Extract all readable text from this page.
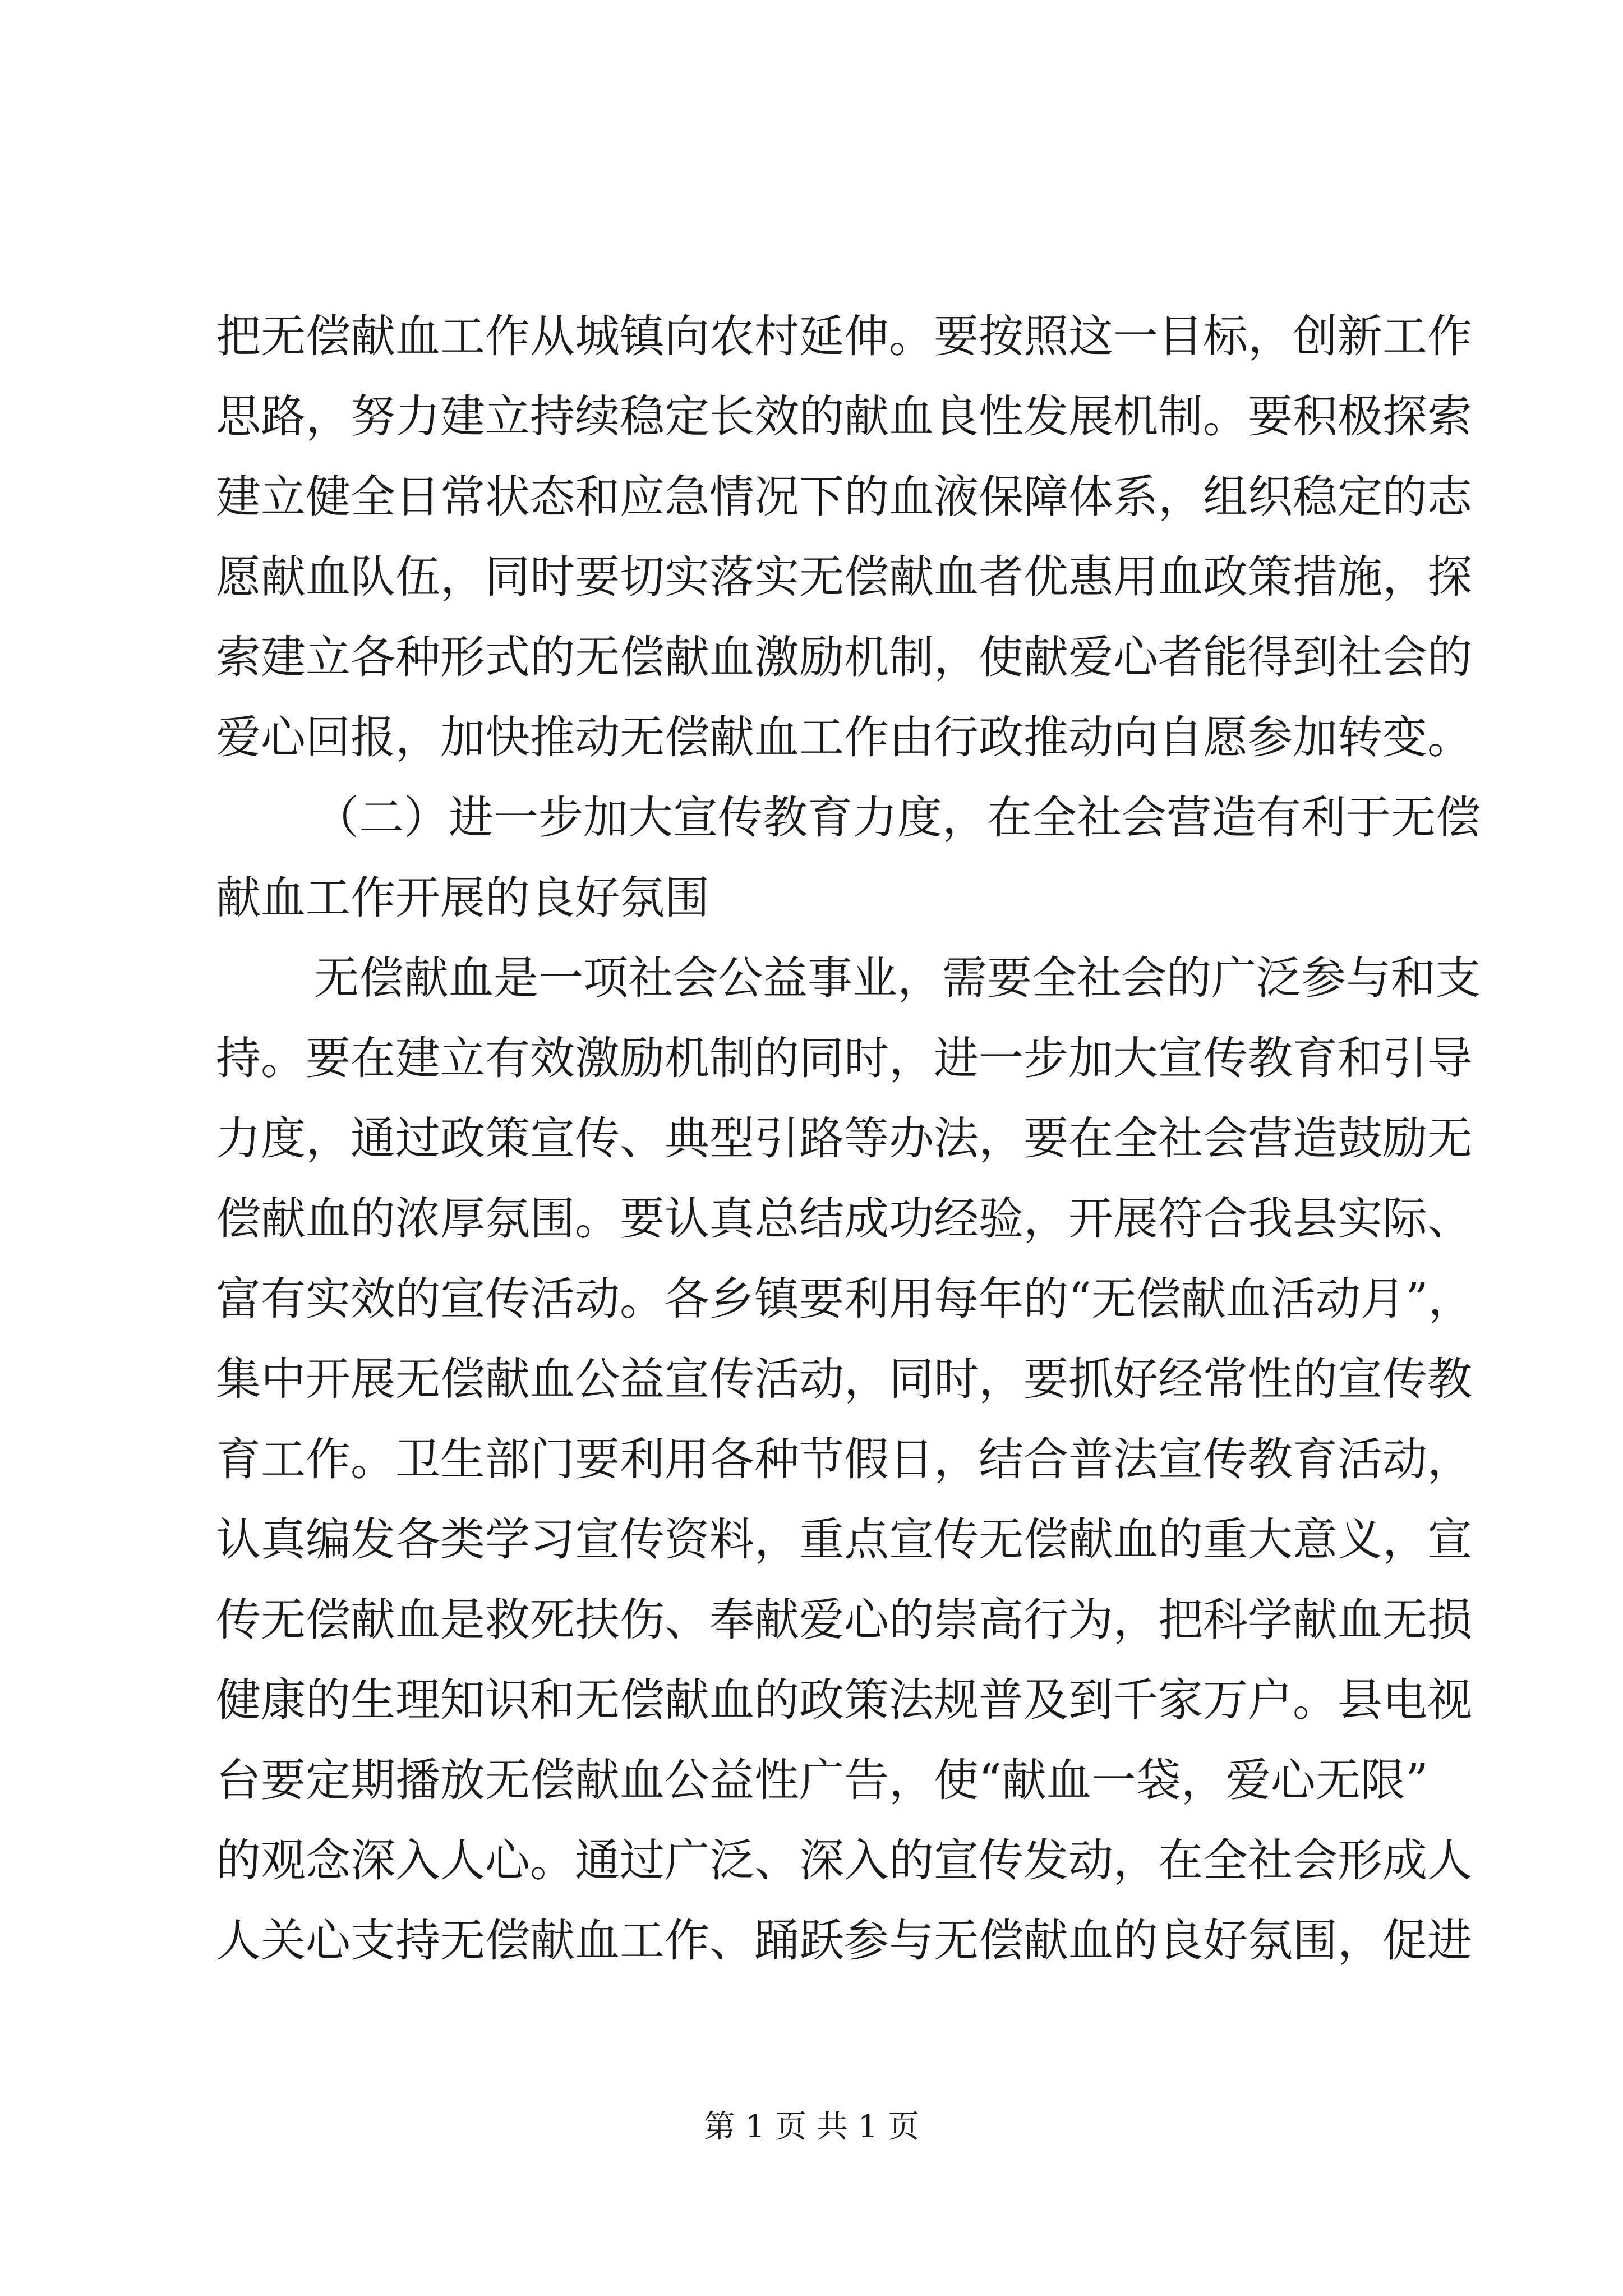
把无偿献血工作从城镇向农村延伸。要按照这一目标，创新工作
思路，努力建立持续稳定长效的献血良性发展机制。要积极探索
建立健全日常状态和应急情况下的血液保障体系，组织稳定的志
愿献血队伍，同时要切实落实无偿献血者优惠用血政策措施，探
索建立各种形式的无偿献血激励机制，使献爱心者能得到社会的
爱心回报，加快推动无偿献血工作由行政推动向自愿参加转变。
（二）进一步加大宣传教育力度，在全社会营造有利于无偿
献血工作开展的良好氛围
无偿献血是一项社会公益事业，需要全社会的广泛参与和支
持。要在建立有效激励机制的同时，进一步加大宣传教育和引导
力度，通过政策宣传、典型引路等办法，要在全社会营造鼓励无
偿献血的浓厚氛围。要认真总结成功经验，开展符合我县实际、
富有实效的宣传活动。各乡镇要利用每年的“无偿献血活动月”，
集中开展无偿献血公益宣传活动，同时，要抓好经常性的宣传教
育工作。卫生部门要利用各种节假日，结合普法宣传教育活动，
认真编发各类学习宣传资料，重点宣传无偿献血的重大意义，宣
传无偿献血是救死扶伤、奉献爱心的崇高行为，把科学献血无损
健康的生理知识和无偿献血的政策法规普及到千家万户。县电视
台要定期播放无偿献血公益性广告，使“献血一袋，爱心无限”
的观念深入人心。通过广泛、深入的宣传发动，在全社会形成人
人关心支持无偿献血工作、踊跃参与无偿献血的良好氛围，促进
第 1 页 共 1 页
